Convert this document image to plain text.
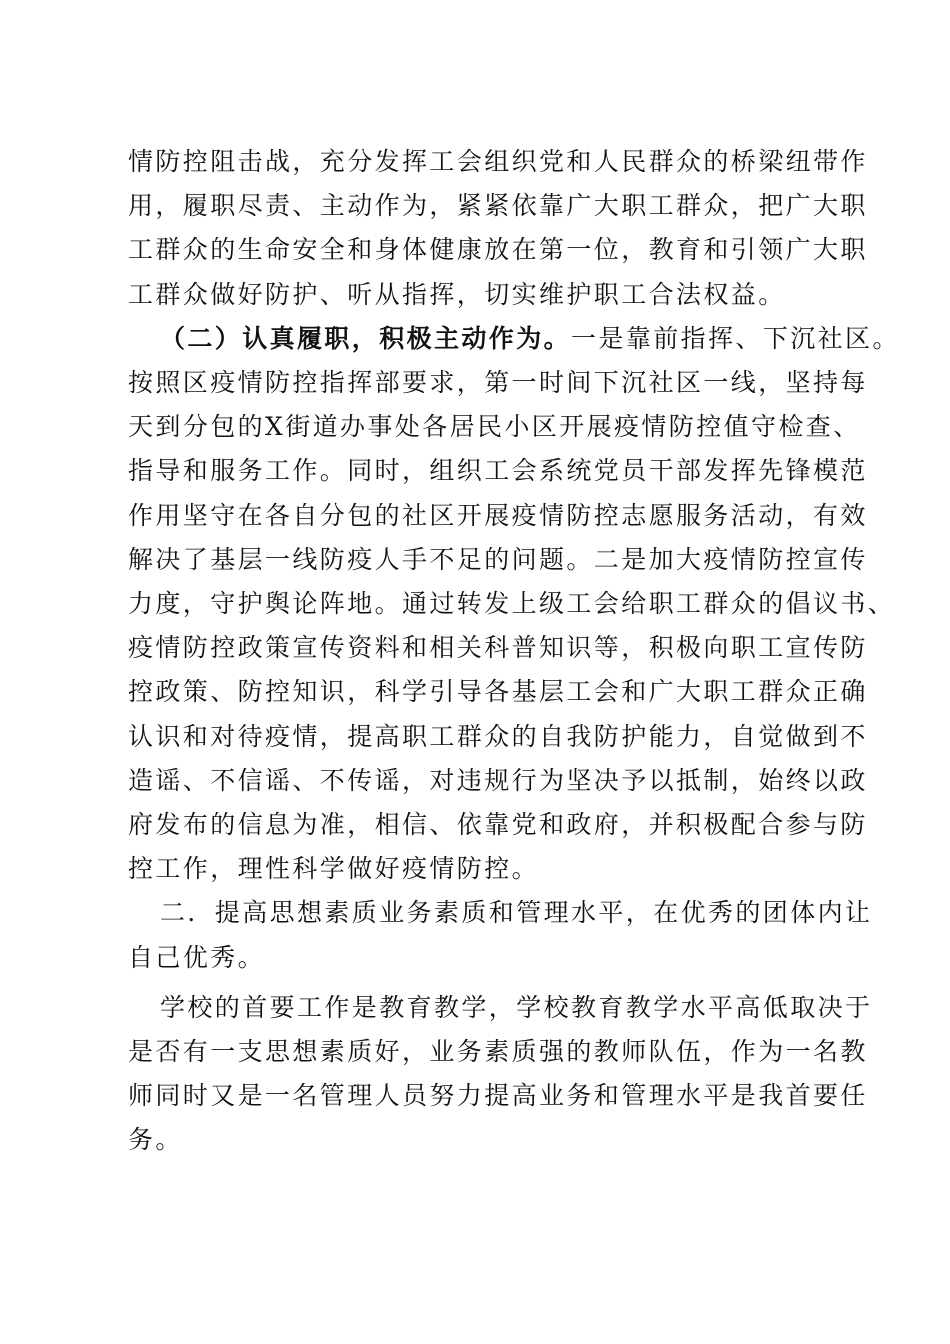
情防控阻击战，充分发挥工会组织党和人民群众的桥梁纽带作
用，履职尽责、主动作为，紧紧依靠广大职工群众，把广大职
工群众的生命安全和身体健康放在第一位，教育和引领广大职
工群众做好防护、听从指挥，切实维护职工合法权益。

（二）认真履职，积极主动作为。一是靠前指挥、下沉社区。
按照区疫情防控指挥部要求，第一时间下沉社区一线，坚持每
天到分包的X街道办事处各居民小区开展疫情防控值守检查、
指导和服务工作。同时，组织工会系统党员干部发挥先锋模范
作用坚守在各自分包的社区开展疫情防控志愿服务活动，有效
解决了基层一线防疫人手不足的问题。二是加大疫情防控宣传
力度，守护舆论阵地。通过转发上级工会给职工群众的倡议书、
疫情防控政策宣传资料和相关科普知识等，积极向职工宣传防
控政策、防控知识，科学引导各基层工会和广大职工群众正确
认识和对待疫情，提高职工群众的自我防护能力，自觉做到不
造谣、不信谣、不传谣，对违规行为坚决予以抵制，始终以政
府发布的信息为准，相信、依靠党和政府，并积极配合参与防
控工作，理性科学做好疫情防控。

二．提高思想素质业务素质和管理水平，在优秀的团体内让
自己优秀。

学校的首要工作是教育教学，学校教育教学水平高低取决于
是否有一支思想素质好，业务素质强的教师队伍，作为一名教
师同时又是一名管理人员努力提高业务和管理水平是我首要任
务。
